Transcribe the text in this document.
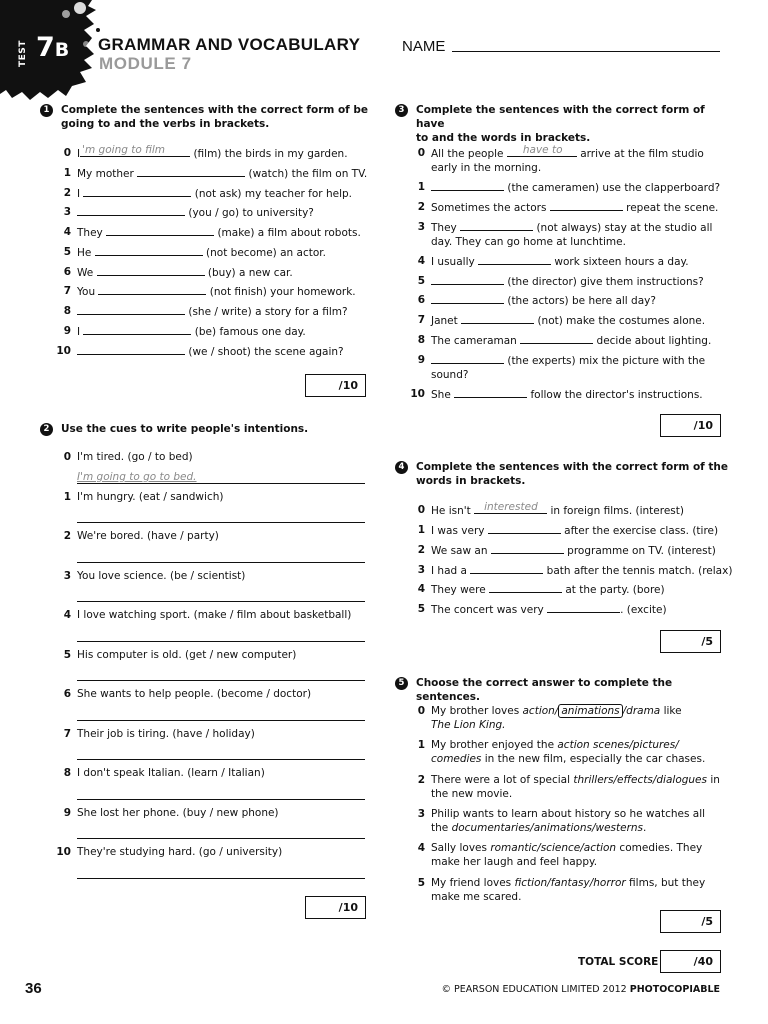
TEST 7B GRAMMAR AND VOCABULARY
MODULE 7
NAME
1	Complete the sentences with the correct form of be
going to and the verbs in brackets.
0 I 'm going to film	(film) the birds in my garden.
1 My mother	(watch) the film on TV.
2 I	(not ask) my teacher for help.
3	(you / go) to university?
4 They	(make) a film about robots.
5 He	(not become) an actor.
6 We	(buy) a new car.
7 You	(not finish) your homework.
8	(she / write) a story for a film?
9 I	(be) famous one day.
10	(we / shoot) the scene again?
/10
2	Use the cues to write people's intentions.
0 I'm tired. (go / to bed)
I'm going to go to bed.
1 I'm hungry. (eat / sandwich)
2 We're bored. (have / party)
3 You love science. (be / scientist)
4 I love watching sport. (make / film about basketball)
5 His computer is old. (get / new computer)
6 She wants to help people. (become / doctor)
7 Their job is tiring. (have / holiday)
8 I don't speak Italian. (learn / Italian)
9 She lost her phone. (buy / new phone)
10 They're studying hard. (go / university)
/10
3	Complete the sentences with the correct form of have
to and the words in brackets.
0 All the people have to arrive at the film studio
early in the morning.
1	(the cameramen) use the clapperboard?
2 Sometimes the actors	repeat the scene.
3 They	(not always) stay at the studio all
day. They can go home at lunchtime.
4 I usually	work sixteen hours a day.
5	(the director) give them instructions?
6	(the actors) be here all day?
7 Janet	(not) make the costumes alone.
8 The cameraman	decide about lighting.
9	(the experts) mix the picture with the
sound?
10 She	follow the director's instructions.
/10
4	Complete the sentences with the correct form of the
words in brackets.
0 He isn't interested in foreign films. (interest)
1 I was very	after the exercise class. (tire)
2 We saw an	programme on TV. (interest)
3 I had a	bath after the tennis match. (relax)
4 They were	at the party. (bore)
5 The concert was very	. (excite)
/5
5	Choose the correct answer to complete the sentences.
0 My brother loves action/ animations /drama like
The Lion King.
1 My brother enjoyed the action scenes/pictures/
comedies in the new film, especially the car chases.
2 There were a lot of special thrillers/effects/dialogues in
the new movie.
3 Philip wants to learn about history so he watches all
the documentaries/animations/westerns.
4 Sally loves romantic/science/action comedies. They
make her laugh and feel happy.
5 My friend loves fiction/fantasy/horror films, but they
make me scared.
/5
TOTAL SCORE	/40
36	© PEARSON EDUCATION LIMITED 2012 PHOTOCOPIABLE
